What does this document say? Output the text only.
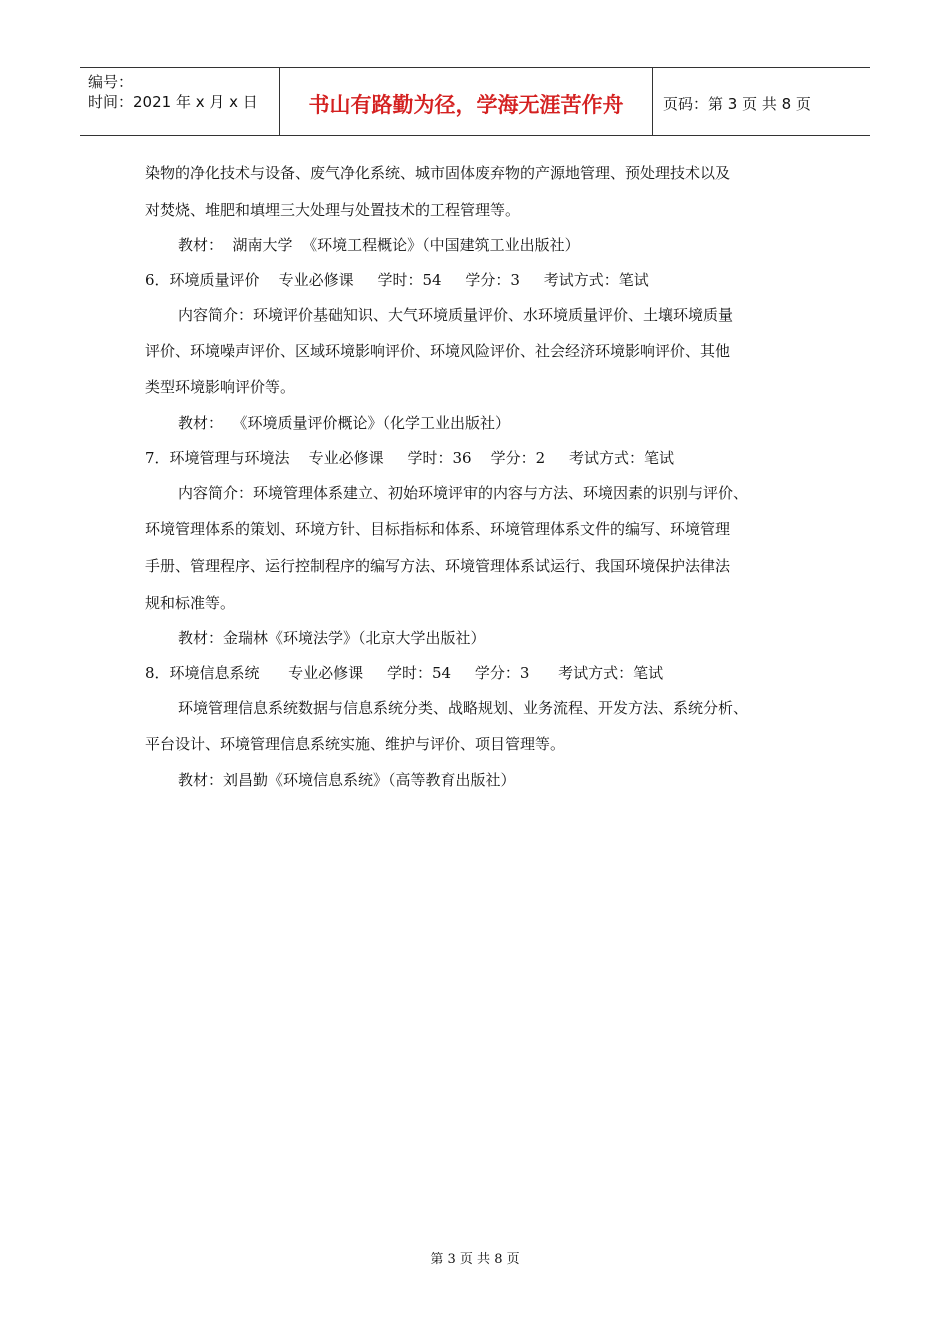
编号：
时间：2021 年 x 月 x 日	书山有路勤为径，学海无涯苦作舟	页码：第 3 页 共 8 页
染物的净化技术与设备、废气净化系统、城市固体废弃物的产源地管理、预处理技术以及
对焚烧、堆肥和填埋三大处理与处置技术的工程管理等。
教材：  湖南大学  《环境工程概论》（中国建筑工业出版社）
6．环境质量评价    专业必修课     学时：54     学分：3     考试方式：笔试
内容简介：环境评价基础知识、大气环境质量评价、水环境质量评价、土壤环境质量
评价、环境噪声评价、区域环境影响评价、环境风险评价、社会经济环境影响评价、其他
类型环境影响评价等。
教材：  《环境质量评价概论》（化学工业出版社）
7．环境管理与环境法    专业必修课     学时：36    学分：2     考试方式：笔试
内容简介：环境管理体系建立、初始环境评审的内容与方法、环境因素的识别与评价、
环境管理体系的策划、环境方针、目标指标和体系、环境管理体系文件的编写、环境管理
手册、管理程序、运行控制程序的编写方法、环境管理体系试运行、我国环境保护法律法
规和标准等。
教材：金瑞林《环境法学》（北京大学出版社）
8．环境信息系统      专业必修课     学时：54     学分：3      考试方式：笔试
环境管理信息系统数据与信息系统分类、战略规划、业务流程、开发方法、系统分析、
平台设计、环境管理信息系统实施、维护与评价、项目管理等。
教材：刘昌勤《环境信息系统》（高等教育出版社）
第 3 页 共 8 页
